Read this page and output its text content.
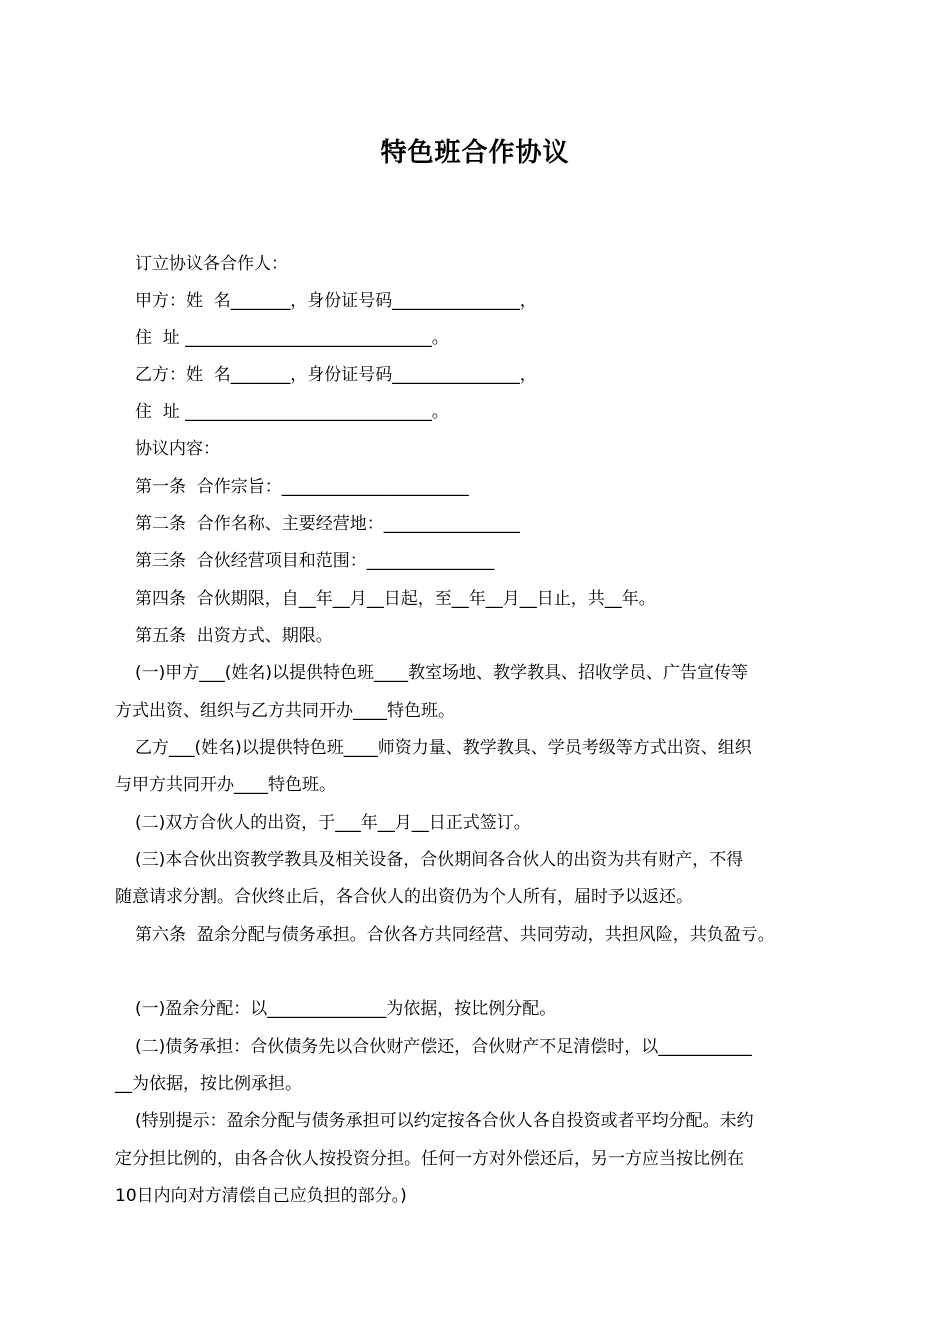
特色班合作协议
订立协议各合作人：
甲方：姓  名_______，身份证号码_______________，
住  址 _____________________________。
乙方：姓  名_______，身份证号码_______________，
住  址 _____________________________。
协议内容：
第一条  合作宗旨：______________________
第二条  合作名称、主要经营地：________________
第三条  合伙经营项目和范围：_______________
第四条  合伙期限，自__年__月__日起，至__年__月__日止，共__年。
第五条  出资方式、期限。
(一)甲方___(姓名)以提供特色班____教室场地、教学教具、招收学员、广告宣传等
方式出资、组织与乙方共同开办____特色班。
乙方___(姓名)以提供特色班____师资力量、教学教具、学员考级等方式出资、组织
与甲方共同开办____特色班。
(二)双方合伙人的出资，于___年__月__日正式签订。
(三)本合伙出资教学教具及相关设备，合伙期间各合伙人的出资为共有财产，不得
随意请求分割。合伙终止后，各合伙人的出资仍为个人所有，届时予以返还。
第六条  盈余分配与债务承担。合伙各方共同经营、共同劳动，共担风险，共负盈亏。
(一)盈余分配：以______________为依据，按比例分配。
(二)债务承担：合伙债务先以合伙财产偿还，合伙财产不足清偿时，以___________
__为依据，按比例承担。
(特别提示：盈余分配与债务承担可以约定按各合伙人各自投资或者平均分配。未约
定分担比例的，由各合伙人按投资分担。任何一方对外偿还后，另一方应当按比例在
10日内向对方清偿自己应负担的部分。)
